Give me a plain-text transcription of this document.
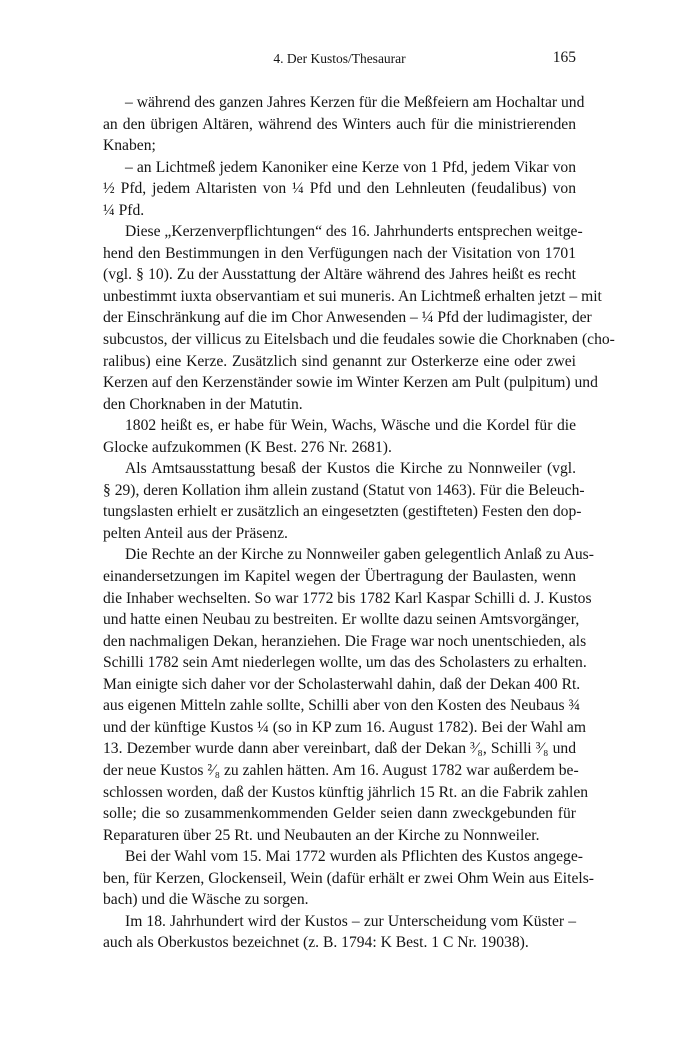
4. Der Kustos/Thesaurar	165
– während des ganzen Jahres Kerzen für die Meßfeiern am Hochaltar und
an den übrigen Altären, während des Winters auch für die ministrierenden
Knaben;
– an Lichtmeß jedem Kanoniker eine Kerze von 1 Pfd, jedem Vikar von
½ Pfd, jedem Altaristen von ¼ Pfd und den Lehnleuten (feudalibus) von
¼ Pfd.
Diese „Kerzenverpflichtungen“ des 16. Jahrhunderts entsprechen weitge-
hend den Bestimmungen in den Verfügungen nach der Visitation von 1701
(vgl. § 10). Zu der Ausstattung der Altäre während des Jahres heißt es recht
unbestimmt iuxta observantiam et sui muneris. An Lichtmeß erhalten jetzt – mit
der Einschränkung auf die im Chor Anwesenden – ¼ Pfd der ludimagister, der
subcustos, der villicus zu Eitelsbach und die feudales sowie die Chorknaben (cho-
ralibus) eine Kerze. Zusätzlich sind genannt zur Osterkerze eine oder zwei
Kerzen auf den Kerzenständer sowie im Winter Kerzen am Pult (pulpitum) und
den Chorknaben in der Matutin.
1802 heißt es, er habe für Wein, Wachs, Wäsche und die Kordel für die
Glocke aufzukommen (K Best. 276 Nr. 2681).
Als Amtsausstattung besaß der Kustos die Kirche zu Nonnweiler (vgl.
§ 29), deren Kollation ihm allein zustand (Statut von 1463). Für die Beleuch-
tungslasten erhielt er zusätzlich an eingesetzten (gestifteten) Festen den dop-
pelten Anteil aus der Präsenz.
Die Rechte an der Kirche zu Nonnweiler gaben gelegentlich Anlaß zu Aus-
einandersetzungen im Kapitel wegen der Übertragung der Baulasten, wenn
die Inhaber wechselten. So war 1772 bis 1782 Karl Kaspar Schilli d. J. Kustos
und hatte einen Neubau zu bestreiten. Er wollte dazu seinen Amtsvorgänger,
den nachmaligen Dekan, heranziehen. Die Frage war noch unentschieden, als
Schilli 1782 sein Amt niederlegen wollte, um das des Scholasters zu erhalten.
Man einigte sich daher vor der Scholasterwahl dahin, daß der Dekan 400 Rt.
aus eigenen Mitteln zahle sollte, Schilli aber von den Kosten des Neubaus ¾
und der künftige Kustos ¼ (so in KP zum 16. August 1782). Bei der Wahl am
13. Dezember wurde dann aber vereinbart, daß der Dekan ³⁄₈, Schilli ³⁄₈ und
der neue Kustos ²⁄₈ zu zahlen hätten. Am 16. August 1782 war außerdem be-
schlossen worden, daß der Kustos künftig jährlich 15 Rt. an die Fabrik zahlen
solle; die so zusammenkommenden Gelder seien dann zweckgebunden für
Reparaturen über 25 Rt. und Neubauten an der Kirche zu Nonnweiler.
Bei der Wahl vom 15. Mai 1772 wurden als Pflichten des Kustos angege-
ben, für Kerzen, Glockenseil, Wein (dafür erhält er zwei Ohm Wein aus Eitels-
bach) und die Wäsche zu sorgen.
Im 18. Jahrhundert wird der Kustos – zur Unterscheidung vom Küster –
auch als Oberkustos bezeichnet (z. B. 1794: K Best. 1 C Nr. 19038).
